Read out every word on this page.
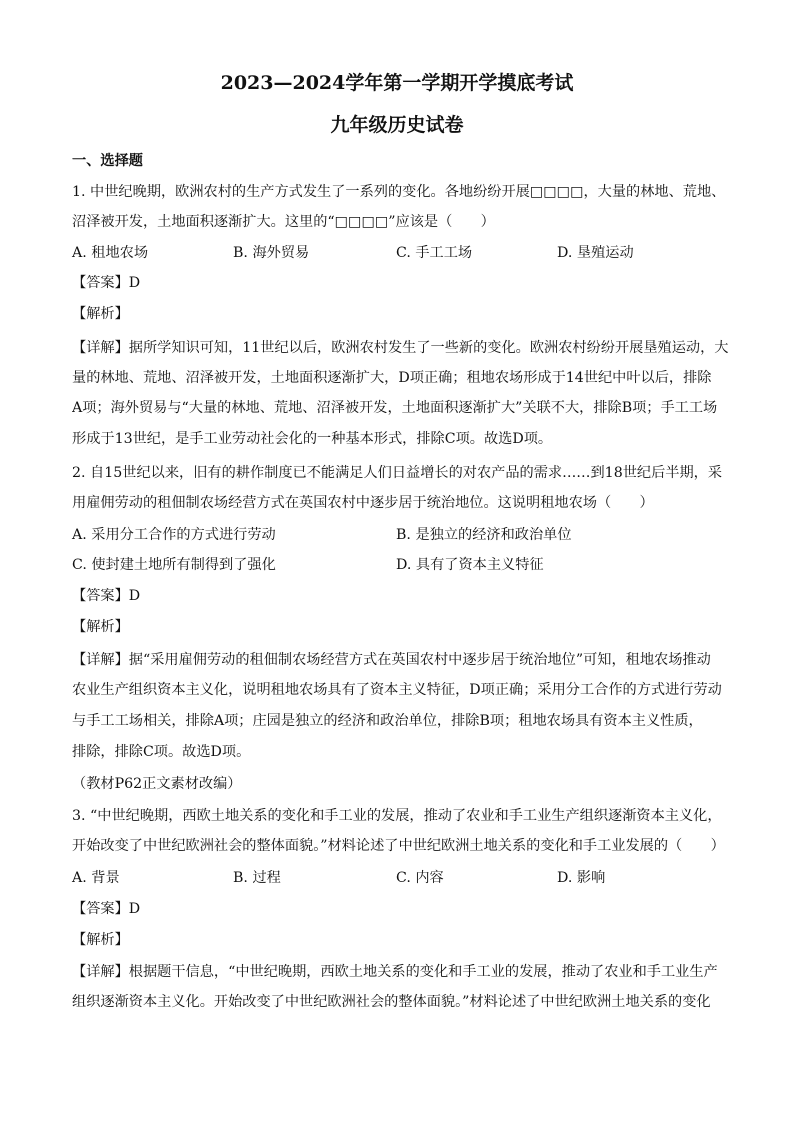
2023—2024学年第一学期开学摸底考试
九年级历史试卷
一、选择题
1. 中世纪晚期，欧洲农村的生产方式发生了一系列的变化。各地纷纷开展□□□□，大量的林地、荒地、
沼泽被开发，土地面积逐渐扩大。这里的“□□□□”应该是（　　）
A. 租地农场	B. 海外贸易	C. 手工工场	D. 垦殖运动
【答案】D
【解析】
【详解】据所学知识可知，11世纪以后，欧洲农村发生了一些新的变化。欧洲农村纷纷开展垦殖运动，大
量的林地、荒地、沼泽被开发，土地面积逐渐扩大，D项正确；租地农场形成于14世纪中叶以后，排除
A项；海外贸易与“大量的林地、荒地、沼泽被开发，土地面积逐渐扩大”关联不大，排除B项；手工工场
形成于13世纪，是手工业劳动社会化的一种基本形式，排除C项。故选D项。
2. 自15世纪以来，旧有的耕作制度已不能满足人们日益增长的对农产品的需求……到18世纪后半期，采
用雇佣劳动的租佃制农场经营方式在英国农村中逐步居于统治地位。这说明租地农场（　　）
A. 采用分工合作的方式进行劳动	B. 是独立的经济和政治单位
C. 使封建土地所有制得到了强化	D. 具有了资本主义特征
【答案】D
【解析】
【详解】据“采用雇佣劳动的租佃制农场经营方式在英国农村中逐步居于统治地位”可知，租地农场推动
农业生产组织资本主义化，说明租地农场具有了资本主义特征，D项正确；采用分工合作的方式进行劳动
与手工工场相关，排除A项；庄园是独立的经济和政治单位，排除B项；租地农场具有资本主义性质，
排除，排除C项。故选D项。
（教材P62正文素材改编）
3. “中世纪晚期，西欧土地关系的变化和手工业的发展，推动了农业和手工业生产组织逐渐资本主义化，
开始改变了中世纪欧洲社会的整体面貌。”材料论述了中世纪欧洲土地关系的变化和手工业发展的（　　）
A. 背景	B. 过程	C. 内容	D. 影响
【答案】D
【解析】
【详解】根据题干信息，“中世纪晚期，西欧土地关系的变化和手工业的发展，推动了农业和手工业生产
组织逐渐资本主义化。开始改变了中世纪欧洲社会的整体面貌。”材料论述了中世纪欧洲土地关系的变化
